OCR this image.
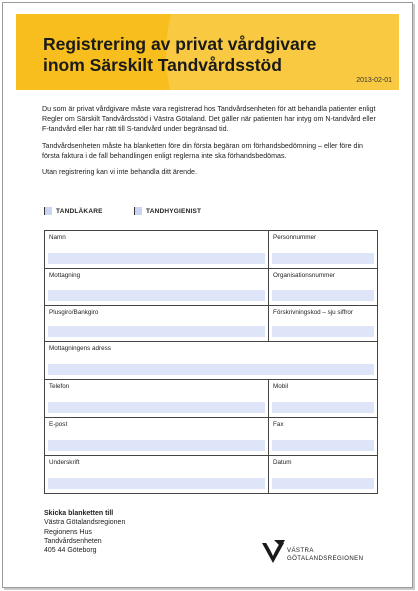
Registrering av privat vårdgivare
inom Särskilt Tandvårdsstöd
2013-02-01

Du som är privat vårdgivare måste vara registrerad hos Tandvårdsenheten för att behandla patienter enligt Regler om Särskilt Tandvårdsstöd i Västra Götaland. Det gäller när patienten har intyg om N-tandvård eller F-tandvård eller har rätt till S-tandvård under begränsad tid.

Tandvårdsenheten måste ha blanketten före din första begäran om förhandsbedömning – eller före din första faktura i de fall behandlingen enligt reglerna inte ska förhandsbedömas.

Utan registrering kan vi inte behandla ditt ärende.

TANDLÄKARE	TANDHYGIENIST
Namn	Personnummer
Mottagning	Organisationsnummer
Plusgiro/Bankgiro	Förskrivningskod – sju siffror
Mottagningens adress
Telefon	Mobil
E-post	Fax
Underskrift	Datum
Skicka blanketten till
Västra Götalandsregionen
Regionens Hus
Tandvårdsenheten
405 44 Göteborg	VÄSTRA
GÖTALANDSREGIONEN
